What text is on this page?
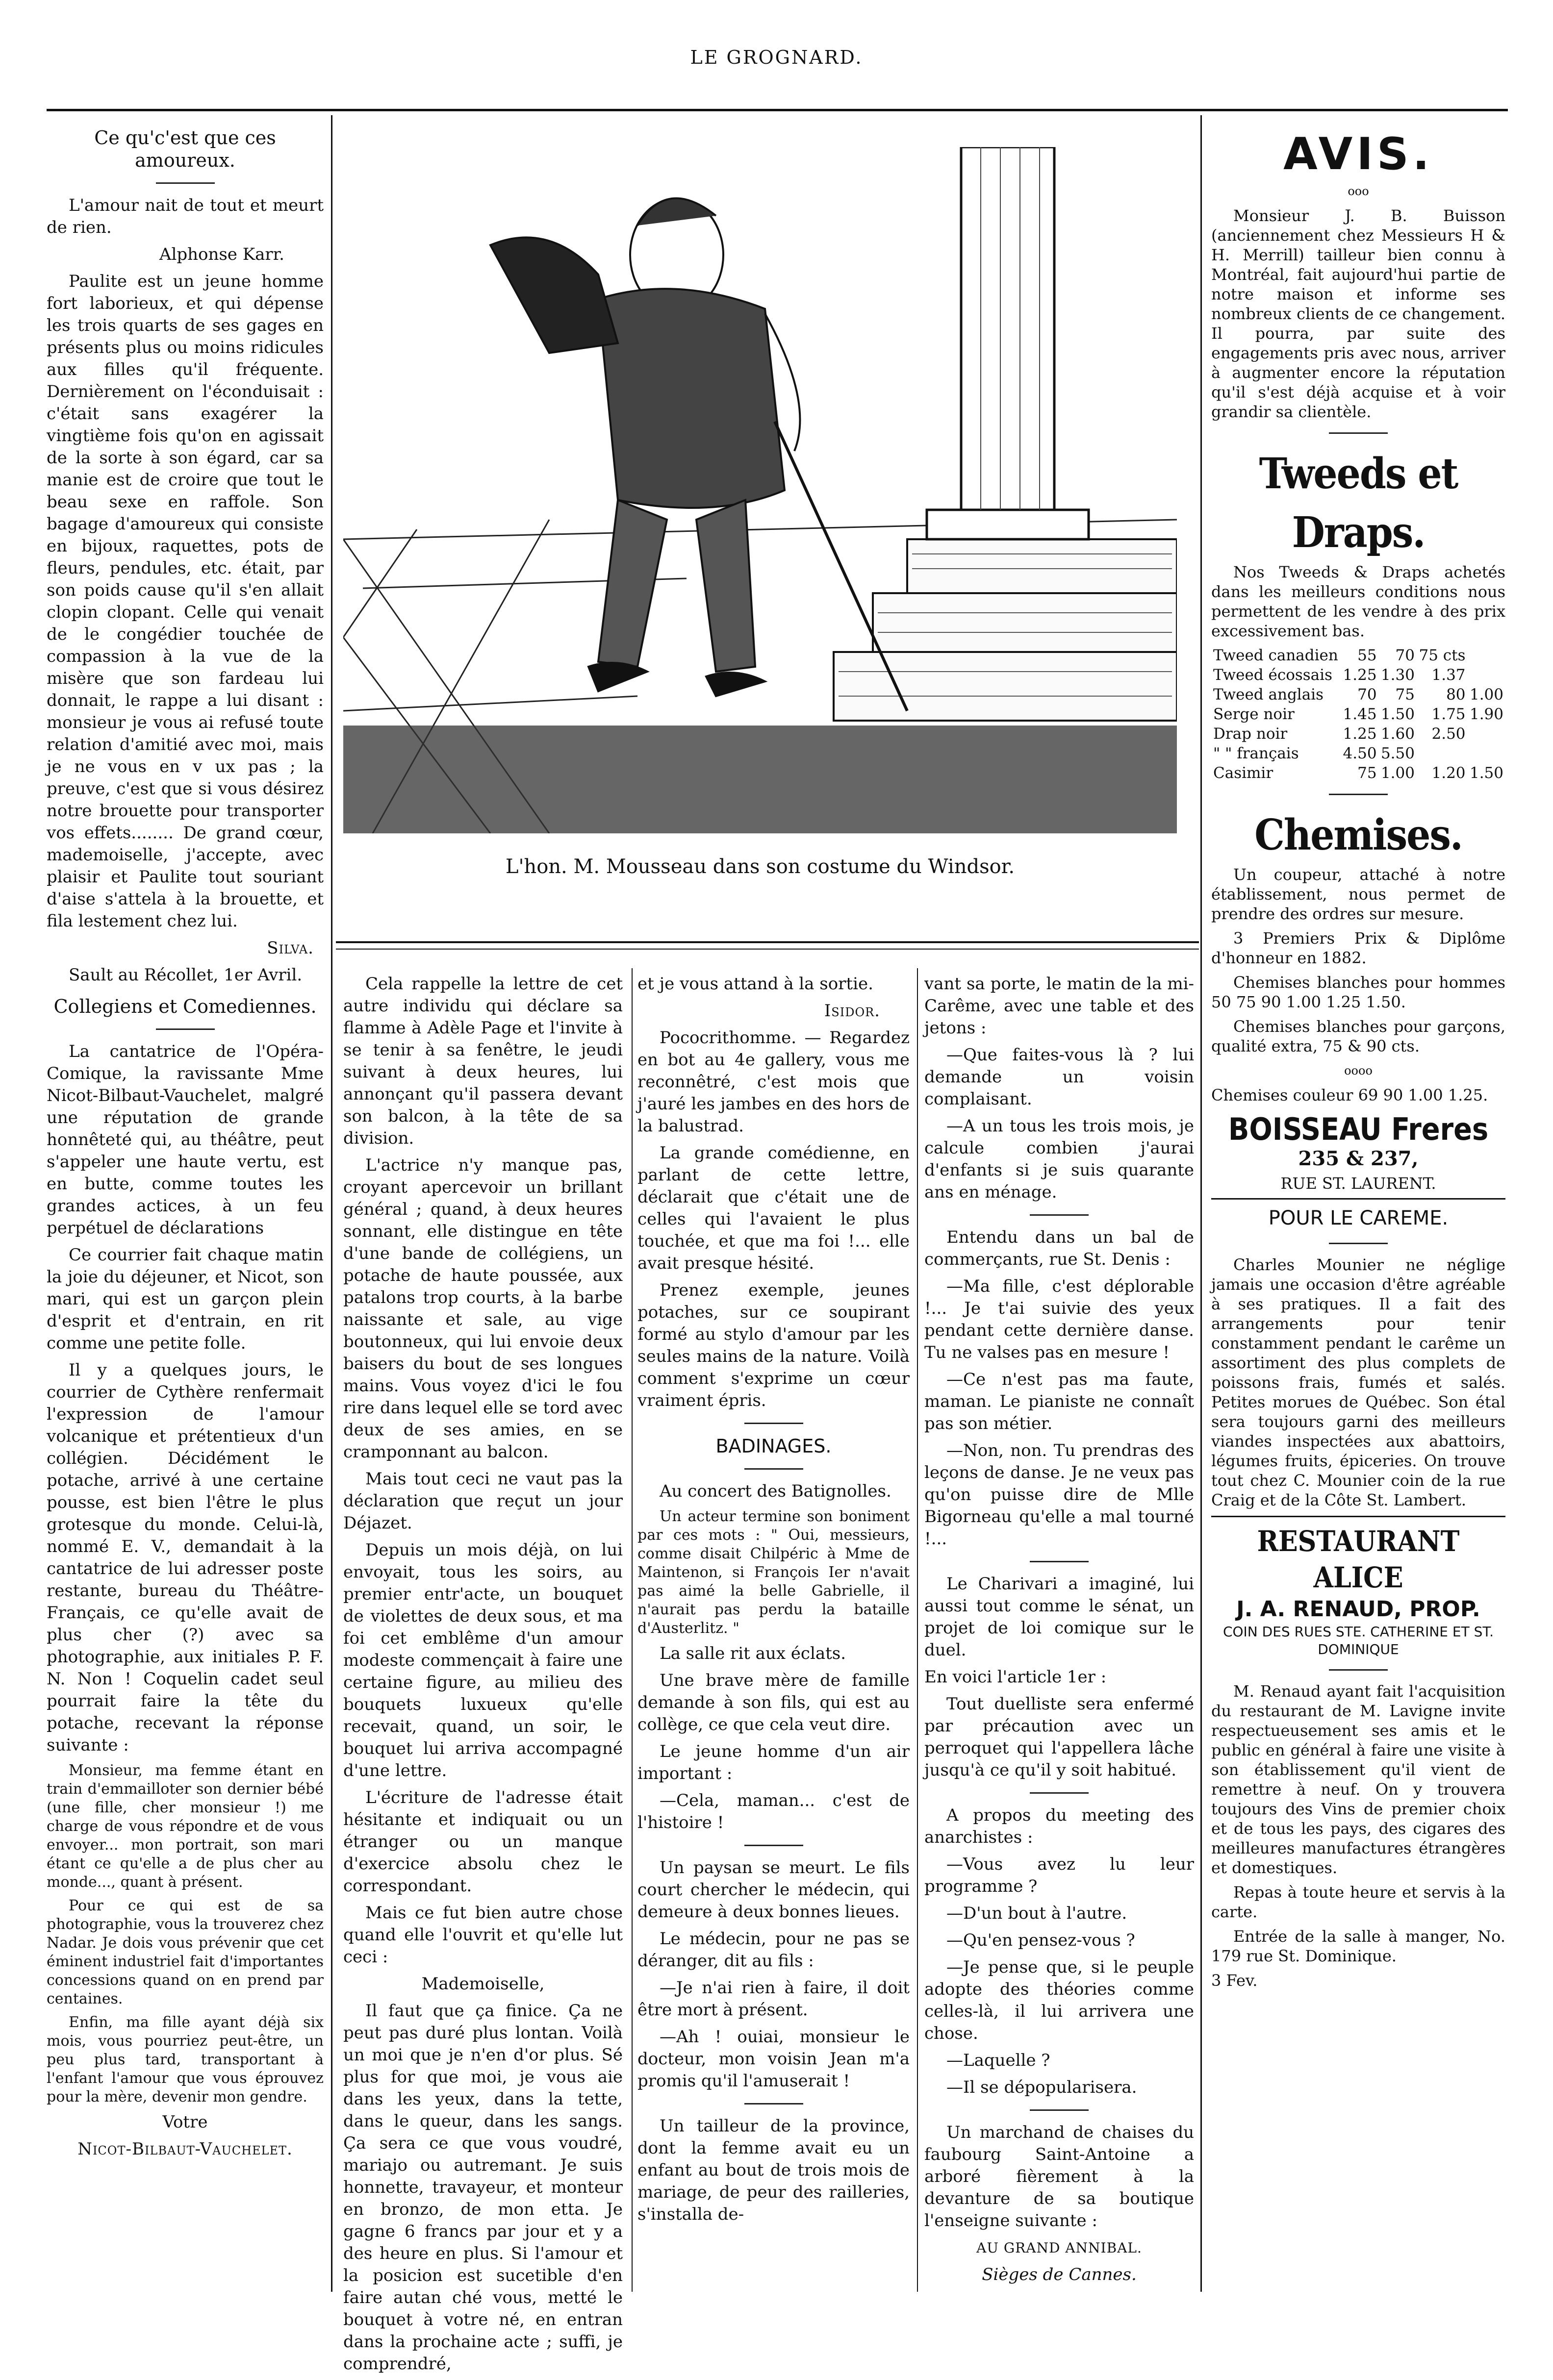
LE GROGNARD.
L'hon. M. Mousseau dans son costume du Windsor.
Ce qu'c'est que ces amoureux.

L'amour nait de tout et meurt de rien.

Alphonse Karr.

Paulite est un jeune homme fort laborieux, et qui dépense les trois quarts de ses gages en présents plus ou moins ridicules aux filles qu'il fréquente. Dernièrement on l'éconduisait : c'était sans exagérer la vingtième fois qu'on en agissait de la sorte à son égard, car sa manie est de croire que tout le beau sexe en raffole. Son bagage d'amoureux qui consiste en bijoux, raquettes, pots de fleurs, pendules, etc. était, par son poids cause qu'il s'en allait clopin clopant. Celle qui venait de le congédier touchée de compassion à la vue de la misère que son fardeau lui donnait, le rappe a lui disant : monsieur je vous ai refusé toute relation d'amitié avec moi, mais je ne vous en v ux pas ; la preuve, c'est que si vous désirez notre brouette pour transporter vos effets........ De grand cœur, mademoiselle, j'accepte, avec plaisir et Paulite tout souriant d'aise s'attela à la brouette, et fila lestement chez lui.

Silva.

Sault au Récollet, 1er Avril.

Collegiens et Comediennes.

La cantatrice de l'Opéra-Comique, la ravissante Mme Nicot-Bilbaut-Vauchelet, malgré une réputation de grande honnêteté qui, au théâtre, peut s'appeler une haute vertu, est en butte, comme toutes les grandes actices, à un feu perpétuel de déclarations

Ce courrier fait chaque matin la joie du déjeuner, et Nicot, son mari, qui est un garçon plein d'esprit et d'entrain, en rit comme une petite folle.

Il y a quelques jours, le courrier de Cythère renfermait l'expression de l'amour volcanique et prétentieux d'un collégien. Décidément le potache, arrivé à une certaine pousse, est bien l'être le plus grotesque du monde. Celui-là, nommé E. V., demandait à la cantatrice de lui adresser poste restante, bureau du Théâtre-Français, ce qu'elle avait de plus cher (?) avec sa photographie, aux initiales P. F. N. Non ! Coquelin cadet seul pourrait faire la tête du potache, recevant la réponse suivante :

Monsieur, ma femme étant en train d'emmailloter son dernier bébé (une fille, cher monsieur !) me charge de vous répondre et de vous envoyer... mon portrait, son mari étant ce qu'elle a de plus cher au monde..., quant à présent.

Pour ce qui est de sa photographie, vous la trouverez chez Nadar. Je dois vous prévenir que cet éminent industriel fait d'importantes concessions quand on en prend par centaines.

Enfin, ma fille ayant déjà six mois, vous pourriez peut-être, un peu plus tard, transportant à l'enfant l'amour que vous éprouvez pour la mère, devenir mon gendre.

Votre

Nicot-Bilbaut-Vauchelet.

Cela rappelle la lettre de cet autre individu qui déclare sa flamme à Adèle Page et l'invite à se tenir à sa fenêtre, le jeudi suivant à deux heures, lui annonçant qu'il passera devant son balcon, à la tête de sa division.

L'actrice n'y manque pas, croyant apercevoir un brillant général ; quand, à deux heures sonnant, elle distingue en tête d'une bande de collégiens, un potache de haute poussée, aux patalons trop courts, à la barbe naissante et sale, au vige boutonneux, qui lui envoie deux baisers du bout de ses longues mains. Vous voyez d'ici le fou rire dans lequel elle se tord avec deux de ses amies, en se cramponnant au balcon.

Mais tout ceci ne vaut pas la déclaration que reçut un jour Déjazet.

Depuis un mois déjà, on lui envoyait, tous les soirs, au premier entr'acte, un bouquet de violettes de deux sous, et ma foi cet emblême d'un amour modeste commençait à faire une certaine figure, au milieu des bouquets luxueux qu'elle recevait, quand, un soir, le bouquet lui arriva accompagné d'une lettre.

L'écriture de l'adresse était hésitante et indiquait ou un étranger ou un manque d'exercice absolu chez le correspondant.

Mais ce fut bien autre chose quand elle l'ouvrit et qu'elle lut ceci :

Mademoiselle,

Il faut que ça finice. Ça ne peut pas duré plus lontan. Voilà un moi que je n'en d'or plus. Sé plus for que moi, je vous aie dans les yeux, dans la tette, dans le queur, dans les sangs. Ça sera ce que vous voudré, mariajo ou autremant. Je suis honnette, travayeur, et monteur en bronzo, de mon etta. Je gagne 6 francs par jour et y a des heure en plus. Si l'amour et la posicion est sucetible d'en faire autan ché vous, metté le bouquet à votre né, en entran dans la prochaine acte ; suffi, je comprendré,

et je vous attand à la sortie.

Isidor.

Pococrithomme. — Regardez en bot au 4e gallery, vous me reconnêtré, c'est mois que j'auré les jambes en des hors de la balustrad.

La grande comédienne, en parlant de cette lettre, déclarait que c'était une de celles qui l'avaient le plus touchée, et que ma foi !... elle avait presque hésité.

Prenez exemple, jeunes potaches, sur ce soupirant formé au stylo d'amour par les seules mains de la nature. Voilà comment s'exprime un cœur vraiment épris.

BADINAGES.

Au concert des Batignolles.

Un acteur termine son boniment par ces mots : " Oui, messieurs, comme disait Chilpéric à Mme de Maintenon, si François Ier n'avait pas aimé la belle Gabrielle, il n'aurait pas perdu la bataille d'Austerlitz. "

La salle rit aux éclats.

Une brave mère de famille demande à son fils, qui est au collège, ce que cela veut dire.

Le jeune homme d'un air important :

—Cela, maman... c'est de l'histoire !

Un paysan se meurt. Le fils court chercher le médecin, qui demeure à deux bonnes lieues.

Le médecin, pour ne pas se déranger, dit au fils :

—Je n'ai rien à faire, il doit être mort à présent.

—Ah ! ouiai, monsieur le docteur, mon voisin Jean m'a promis qu'il l'amuserait !

Un tailleur de la province, dont la femme avait eu un enfant au bout de trois mois de mariage, de peur des railleries, s'installa de-

vant sa porte, le matin de la mi-Carême, avec une table et des jetons :

—Que faites-vous là ? lui demande un voisin complaisant.

—A un tous les trois mois, je calcule combien j'aurai d'enfants si je suis quarante ans en ménage.

Entendu dans un bal de commerçants, rue St. Denis :

—Ma fille, c'est déplorable !... Je t'ai suivie des yeux pendant cette dernière danse. Tu ne valses pas en mesure !

—Ce n'est pas ma faute, maman. Le pianiste ne connaît pas son métier.

—Non, non. Tu prendras des leçons de danse. Je ne veux pas qu'on puisse dire de Mlle Bigorneau qu'elle a mal tourné !...

Le Charivari a imaginé, lui aussi tout comme le sénat, un projet de loi comique sur le duel.

En voici l'article 1er :

Tout duelliste sera enfermé par précaution avec un perroquet qui l'appellera lâche jusqu'à ce qu'il y soit habitué.

A propos du meeting des anarchistes :

—Vous avez lu leur programme ?

—D'un bout à l'autre.

—Qu'en pensez-vous ?

—Je pense que, si le peuple adopte des théories comme celles-là, il lui arrivera une chose.

—Laquelle ?

—Il se dépopularisera.

Un marchand de chaises du faubourg Saint-Antoine a arboré fièrement à la devanture de sa boutique l'enseigne suivante :

AU GRAND ANNIBAL.

Sièges de Cannes.

AVIS.

ooo

Monsieur J. B. Buisson (anciennement chez Messieurs H & H. Merrill) tailleur bien connu à Montréal, fait aujourd'hui partie de notre maison et informe ses nombreux clients de ce changement. Il pourra, par suite des engagements pris avec nous, arriver à augmenter encore la réputation qu'il s'est déjà acquise et à voir grandir sa clientèle.

Tweeds et Draps.

Nos Tweeds & Draps achetés dans les meilleurs conditions nous permettent de les vendre à des prix excessivement bas.

Tweed canadien	55	70	75 cts	
Tweed écossais	1.25	1.30	1.37	
Tweed anglais	70	75	80	1.00
Serge noir	1.45	1.50	1.75	1.90
Drap noir	1.25	1.60	2.50	
" " français	4.50	5.50		
Casimir	75	1.00	1.20	1.50
Chemises.

Un coupeur, attaché à notre établissement, nous permet de prendre des ordres sur mesure.

3 Premiers Prix & Diplôme d'honneur en 1882.

Chemises blanches pour hommes 50 75 90 1.00 1.25 1.50.

Chemises blanches pour garçons, qualité extra, 75 & 90 cts.

oooo

Chemises couleur 69 90 1.00 1.25.

BOISSEAU Freres

235 & 237,

RUE ST. LAURENT.

POUR LE CAREME.

Charles Mounier ne néglige jamais une occasion d'être agréable à ses pratiques. Il a fait des arrangements pour tenir constamment pendant le carême un assortiment des plus complets de poissons frais, fumés et salés. Petites morues de Québec. Son étal sera toujours garni des meilleurs viandes inspectées aux abattoirs, légumes fruits, épiceries. On trouve tout chez C. Mounier coin de la rue Craig et de la Côte St. Lambert.

RESTAURANT ALICE
J. A. RENAUD, PROP.
COIN DES RUES STE. CATHERINE ET ST. DOMINIQUE

M. Renaud ayant fait l'acquisition du restaurant de M. Lavigne invite respectueusement ses amis et le public en général à faire une visite à son établissement qu'il vient de remettre à neuf. On y trouvera toujours des Vins de premier choix et de tous les pays, des cigares des meilleures manufactures étrangères et domestiques.

Repas à toute heure et servis à la carte.

Entrée de la salle à manger, No. 179 rue St. Dominique.

3 Fev.
